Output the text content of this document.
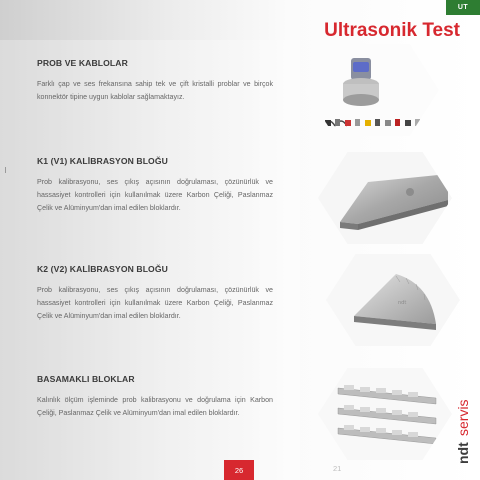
UT
Ultrasonik Test
PROB VE KABLOLAR
Farklı çap ve ses frekansına sahip tek ve çift kristalli problar ve birçok konnektör tipine uygun kablolar sağlamaktayız.
K1 (V1) KALİBRASYON BLOĞU
Prob kalibrasyonu, ses çıkış açısının doğrulaması, çözünürlük ve hassasiyet kontrolleri için kullanılmak üzere Karbon Çeliği, Paslanmaz Çelik ve Alüminyum'dan imal edilen bloklardır.
K2 (V2) KALİBRASYON BLOĞU
Prob kalibrasyonu, ses çıkış açısının doğrulaması, çözünürlük ve hassasiyet kontrolleri için kullanılmak üzere Karbon Çeliği, Paslanmaz Çelik ve Alüminyum'dan imal edilen bloklardır.
BASAMAKLI BLOKLAR
Kalınlık ölçüm işleminde prob kalibrasyonu ve doğrulama için Karbon Çeliği, Paslanmaz Çelik ve Alüminyum'dan imal edilen bloklardır.
ndt
ndt
servis
26	21
